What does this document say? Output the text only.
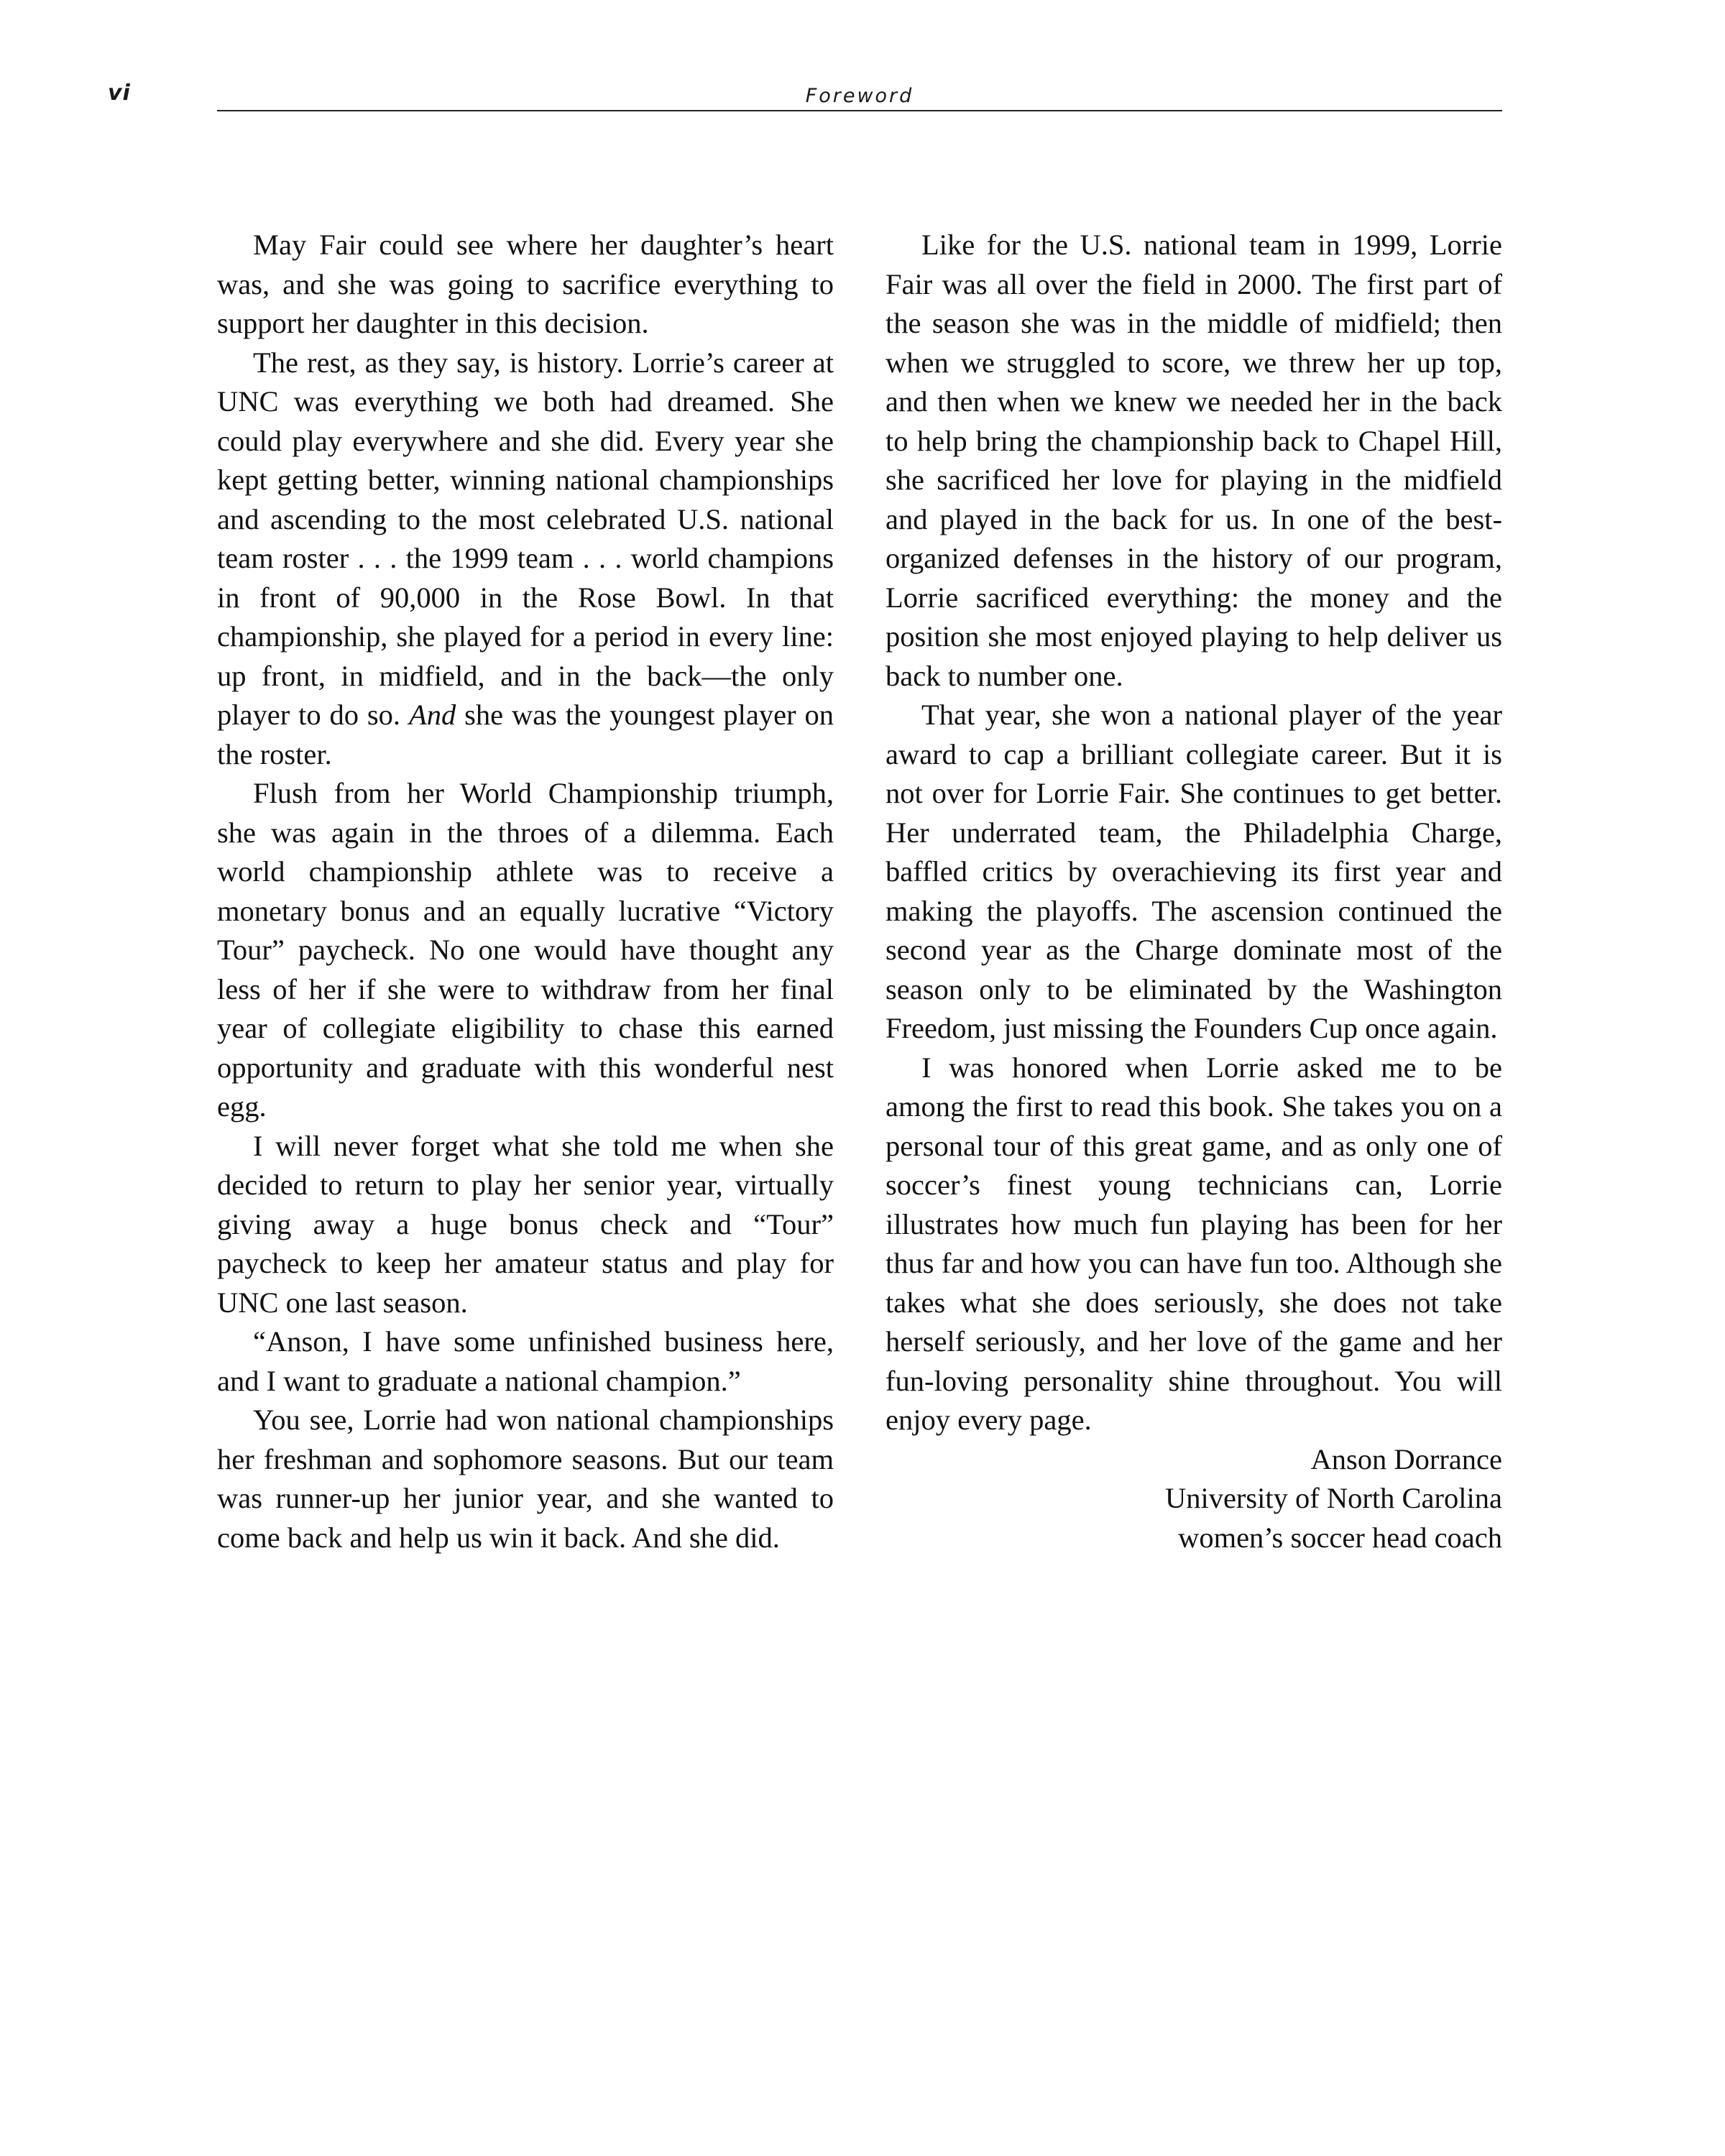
vi	Foreword

May Fair could see where her daughter’s heart was, and she was going to sacrifice everything to support her daughter in this decision.

The rest, as they say, is history. Lorrie’s career at UNC was everything we both had dreamed. She could play everywhere and she did. Every year she kept getting better, winning national championships and ascending to the most celebrated U.S. national team roster . . . the 1999 team . . . world champions in front of 90,000 in the Rose Bowl. In that championship, she played for a period in every line: up front, in midfield, and in the back—the only player to do so. And she was the youngest player on the roster.

Flush from her World Championship triumph, she was again in the throes of a dilemma. Each world championship athlete was to receive a monetary bonus and an equally lucrative “Victory Tour” paycheck. No one would have thought any less of her if she were to withdraw from her final year of collegiate eligibility to chase this earned opportunity and graduate with this wonderful nest egg.

I will never forget what she told me when she decided to return to play her senior year, virtually giving away a huge bonus check and “Tour” paycheck to keep her amateur status and play for UNC one last season.

“Anson, I have some unfinished business here, and I want to graduate a national champion.”

You see, Lorrie had won national championships her freshman and sophomore seasons. But our team was runner-up her junior year, and she wanted to come back and help us win it back. And she did.

Like for the U.S. national team in 1999, Lorrie Fair was all over the field in 2000. The first part of the season she was in the middle of midfield; then when we struggled to score, we threw her up top, and then when we knew we needed her in the back to help bring the championship back to Chapel Hill, she sacrificed her love for playing in the midfield and played in the back for us. In one of the best-organized defenses in the history of our program, Lorrie sacrificed everything: the money and the position she most enjoyed playing to help deliver us back to number one.

That year, she won a national player of the year award to cap a brilliant collegiate career. But it is not over for Lorrie Fair. She continues to get better. Her underrated team, the Philadelphia Charge, baffled critics by overachieving its first year and making the playoffs. The ascension continued the second year as the Charge dominate most of the season only to be eliminated by the Washington Freedom, just missing the Founders Cup once again.

I was honored when Lorrie asked me to be among the first to read this book. She takes you on a personal tour of this great game, and as only one of soccer’s finest young technicians can, Lorrie illustrates how much fun playing has been for her thus far and how you can have fun too. Although she takes what she does seriously, she does not take herself seriously, and her love of the game and her fun-loving personality shine throughout. You will enjoy every page.

Anson Dorrance
University of North Carolina
women’s soccer head coach
